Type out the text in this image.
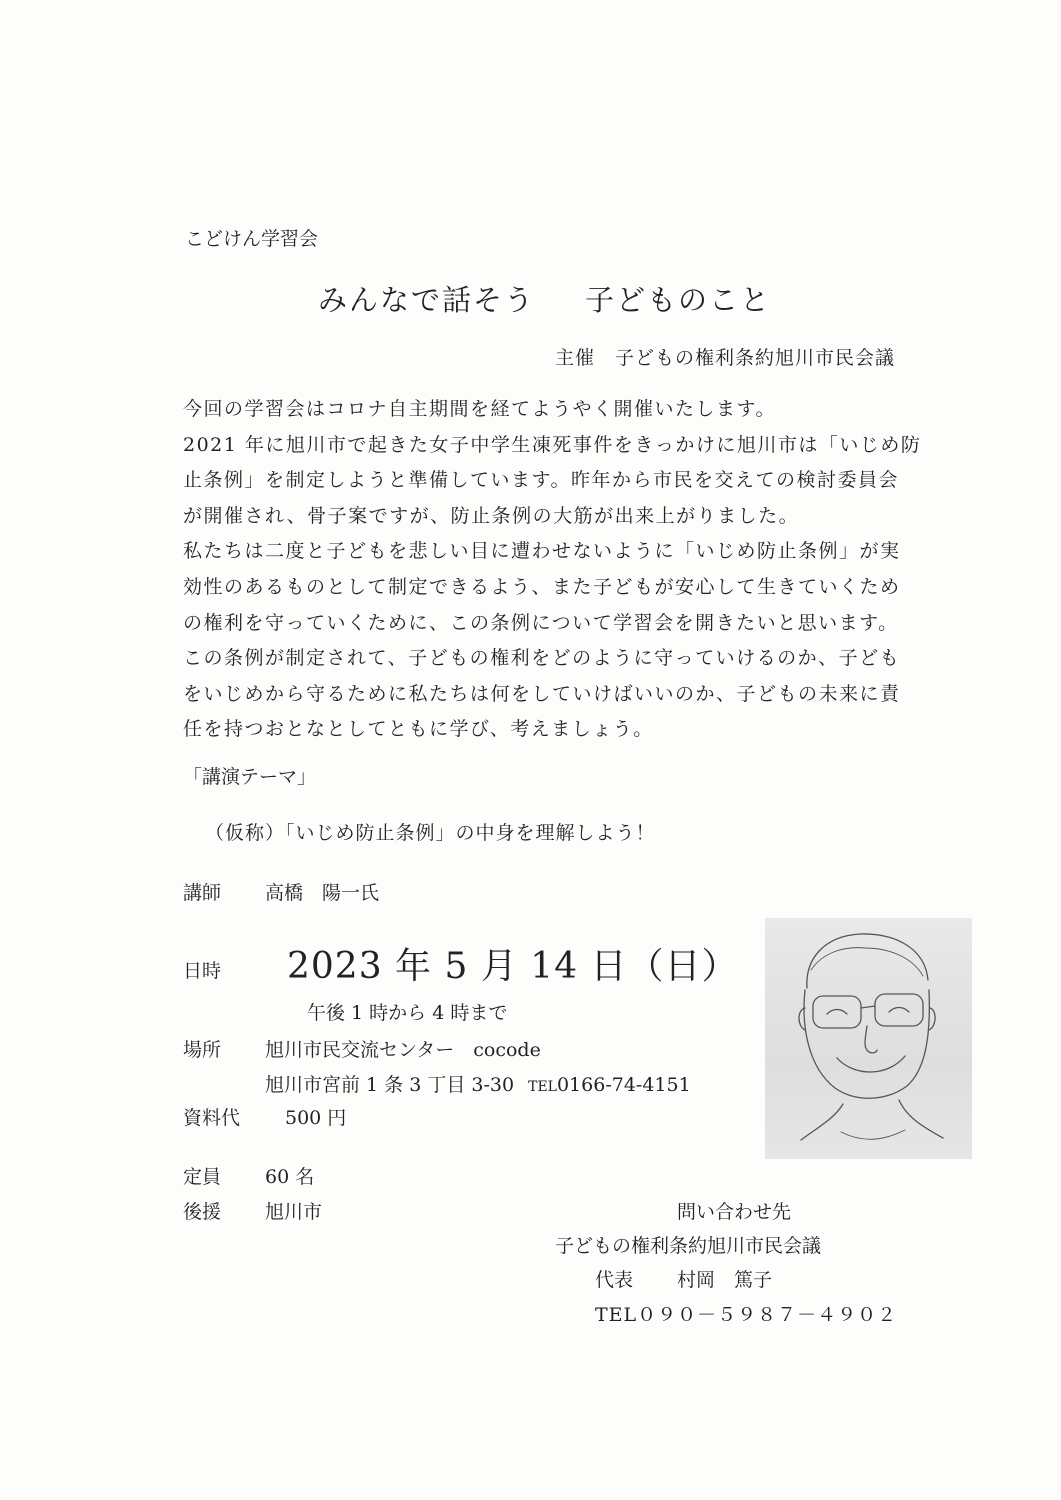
こどけん学習会
みんなで話そう 子どものこと
主催 子どもの権利条約旭川市民会議
今回の学習会はコロナ自主期間を経てようやく開催いたします。
2021 年に旭川市で起きた女子中学生凍死事件をきっかけに旭川市は「いじめ防
止条例」を制定しようと準備しています。昨年から市民を交えての検討委員会
が開催され、骨子案ですが、防止条例の大筋が出来上がりました。
私たちは二度と子どもを悲しい目に遭わせないように「いじめ防止条例」が実
効性のあるものとして制定できるよう、また子どもが安心して生きていくため
の権利を守っていくために、この条例について学習会を開きたいと思います。
この条例が制定されて、子どもの権利をどのように守っていけるのか、子ども
をいじめから守るために私たちは何をしていけばいいのか、子どもの未来に責
任を持つおとなとしてともに学び、考えましょう。
「講演テーマ」
（仮称）「いじめ防止条例」の中身を理解しよう！
講師 高橋　陽一氏
日時 2023 年 5 月 14 日（日）
午後 1 時から 4 時まで
場所 旭川市民交流センター　cocode
旭川市宮前 1 条 3 丁目 3-30 TEL0166-74-4151
資料代 500 円
定員 60 名
後援 旭川市	問い合わせ先
子どもの権利条約旭川市民会議
代表 村岡　篤子
TEL０９０－５９８７－４９０２
